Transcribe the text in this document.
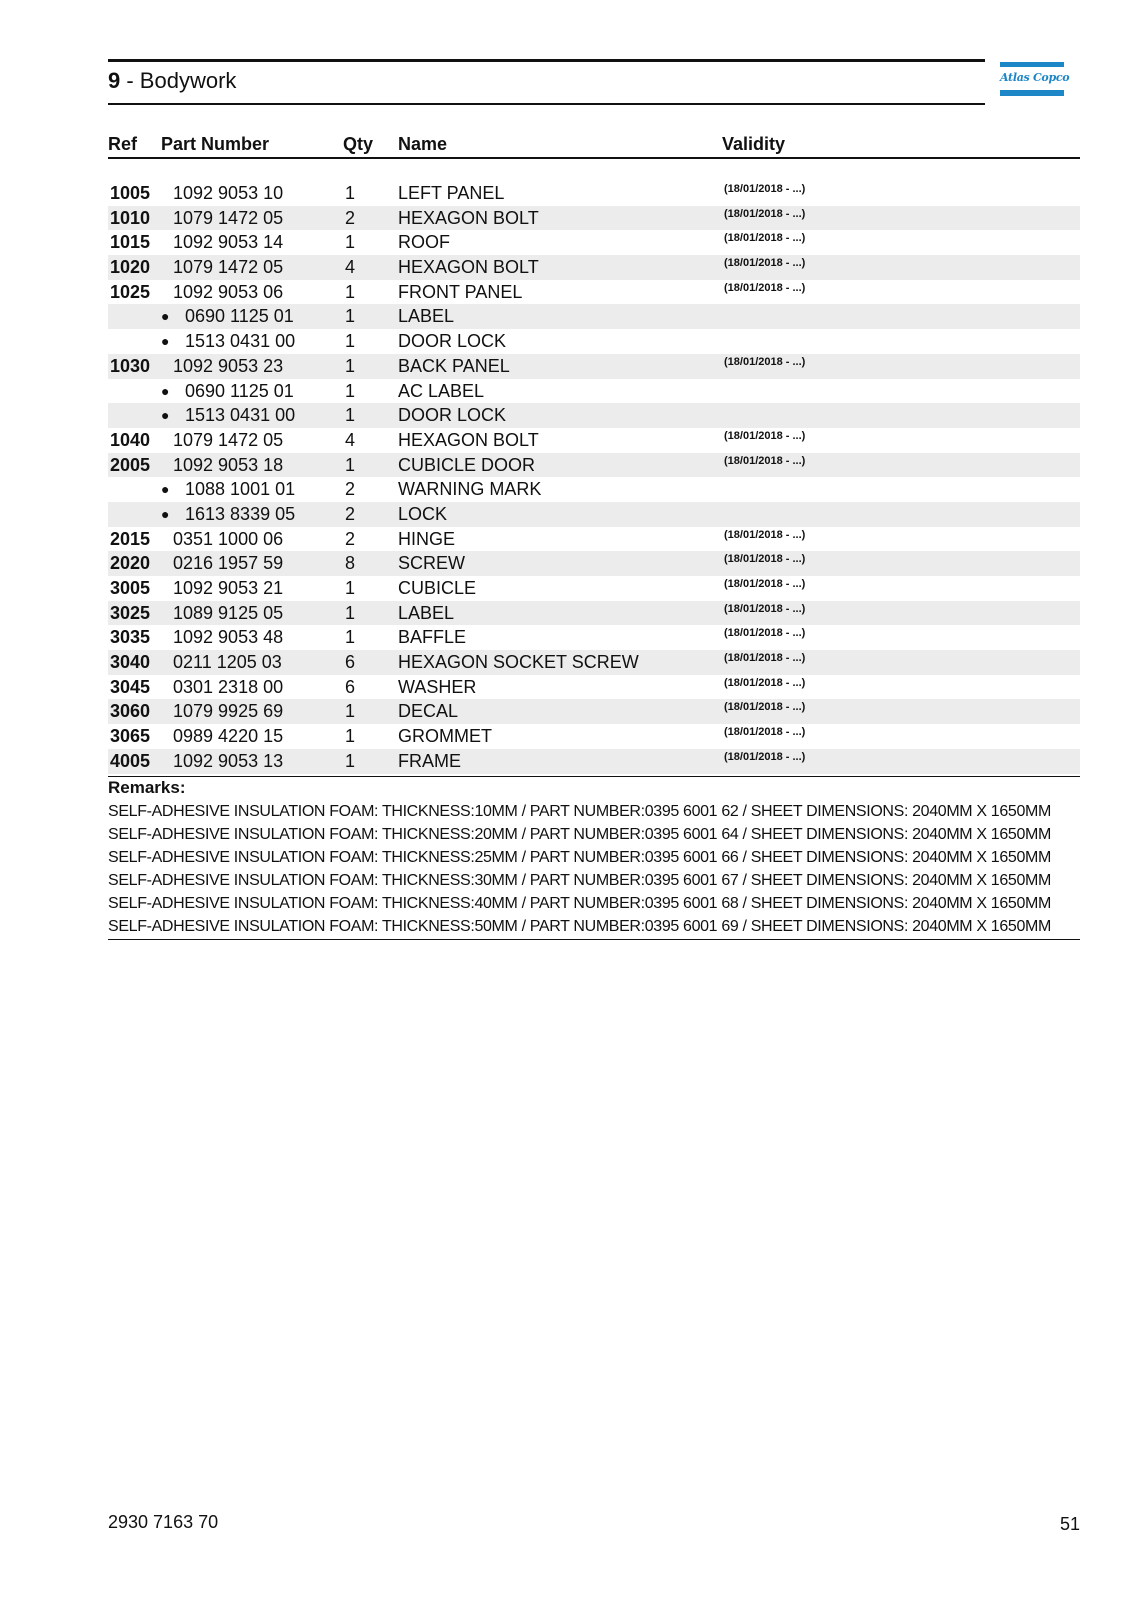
9 - Bodywork	Atlas Copco
Ref Part Number	Qty Name	Validity
1005 1092 9053 10	1 LEFT PANEL	(18/01/2018 - ...)
1010 1079 1472 05	2 HEXAGON BOLT	(18/01/2018 - ...)
1015 1092 9053 14	1 ROOF	(18/01/2018 - ...)
1020 1079 1472 05	4 HEXAGON BOLT	(18/01/2018 - ...)
1025 1092 9053 06	1 FRONT PANEL	(18/01/2018 - ...)
● 0690 1125 01	1 LABEL
● 1513 0431 00	1 DOOR LOCK
1030 1092 9053 23	1 BACK PANEL	(18/01/2018 - ...)
● 0690 1125 01	1 AC LABEL
● 1513 0431 00	1 DOOR LOCK
1040 1079 1472 05	4 HEXAGON BOLT	(18/01/2018 - ...)
2005 1092 9053 18	1 CUBICLE DOOR	(18/01/2018 - ...)
● 1088 1001 01	2 WARNING MARK
● 1613 8339 05	2 LOCK
2015 0351 1000 06	2 HINGE	(18/01/2018 - ...)
2020 0216 1957 59	8 SCREW	(18/01/2018 - ...)
3005 1092 9053 21	1 CUBICLE	(18/01/2018 - ...)
3025 1089 9125 05	1 LABEL	(18/01/2018 - ...)
3035 1092 9053 48	1 BAFFLE	(18/01/2018 - ...)
3040 0211 1205 03	6 HEXAGON SOCKET SCREW	(18/01/2018 - ...)
3045 0301 2318 00	6 WASHER	(18/01/2018 - ...)
3060 1079 9925 69	1 DECAL	(18/01/2018 - ...)
3065 0989 4220 15	1 GROMMET	(18/01/2018 - ...)
4005 1092 9053 13	1 FRAME	(18/01/2018 - ...)
Remarks:
SELF-ADHESIVE INSULATION FOAM: THICKNESS:10MM / PART NUMBER:0395 6001 62 / SHEET DIMENSIONS: 2040MM X 1650MM
SELF-ADHESIVE INSULATION FOAM: THICKNESS:20MM / PART NUMBER:0395 6001 64 / SHEET DIMENSIONS: 2040MM X 1650MM
SELF-ADHESIVE INSULATION FOAM: THICKNESS:25MM / PART NUMBER:0395 6001 66 / SHEET DIMENSIONS: 2040MM X 1650MM
SELF-ADHESIVE INSULATION FOAM: THICKNESS:30MM / PART NUMBER:0395 6001 67 / SHEET DIMENSIONS: 2040MM X 1650MM
SELF-ADHESIVE INSULATION FOAM: THICKNESS:40MM / PART NUMBER:0395 6001 68 / SHEET DIMENSIONS: 2040MM X 1650MM
SELF-ADHESIVE INSULATION FOAM: THICKNESS:50MM / PART NUMBER:0395 6001 69 / SHEET DIMENSIONS: 2040MM X 1650MM
2930 7163 70	51
